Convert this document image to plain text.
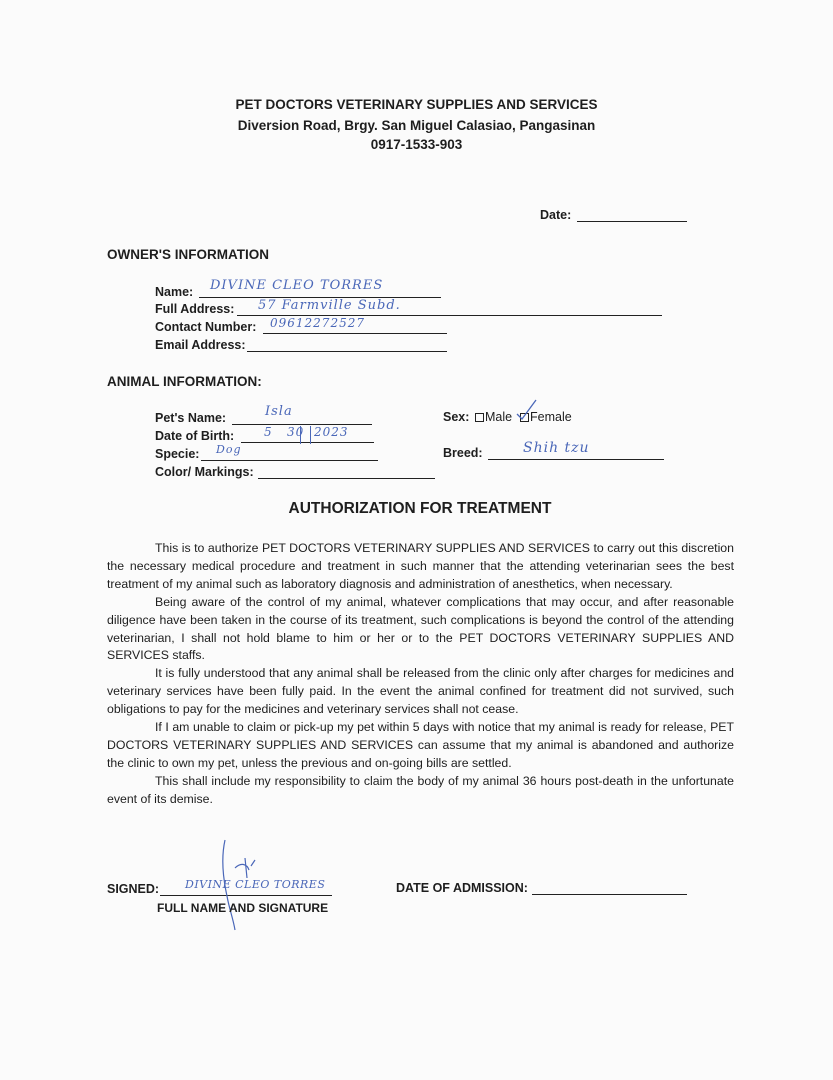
PET DOCTORS VETERINARY SUPPLIES AND SERVICES
Diversion Road, Brgy. San Miguel Calasiao, Pangasinan
0917-1533-903
Date:
OWNER'S INFORMATION
Name: DIVINE CLEO TORRES
Full Address: 57 Farmville Subd.
Contact Number: 09612272527
Email Address:
ANIMAL INFORMATION:
Pet's Name:	Isla
Date of Birth: 5 30 2023
Specie: Dog
Color/ Markings:
Sex: Male Female
Breed:	Shih tzu
AUTHORIZATION FOR TREATMENT

This is to authorize PET DOCTORS VETERINARY SUPPLIES AND SERVICES to carry out this discretion the necessary medical procedure and treatment in such manner that the attending veterinarian sees the best treatment of my animal such as laboratory diagnosis and administration of anesthetics, when necessary.

Being aware of the control of my animal, whatever complications that may occur, and after reasonable diligence have been taken in the course of its treatment, such complications is beyond the control of the attending veterinarian, I shall not hold blame to him or her or to the PET DOCTORS VETERINARY SUPPLIES AND SERVICES staffs.

It is fully understood that any animal shall be released from the clinic only after charges for medicines and veterinary services have been fully paid. In the event the animal confined for treatment did not survived, such obligations to pay for the medicines and veterinary services shall not cease.

If I am unable to claim or pick-up my pet within 5 days with notice that my animal is ready for release, PET DOCTORS VETERINARY SUPPLIES AND SERVICES can assume that my animal is abandoned and authorize the clinic to own my pet, unless the previous and on-going bills are settled.

This shall include my responsibility to claim the body of my animal 36 hours post-death in the unfortunate event of its demise.

SIGNED: DIVINE CLEO TORRES
FULL NAME AND SIGNATURE
DATE OF ADMISSION:
